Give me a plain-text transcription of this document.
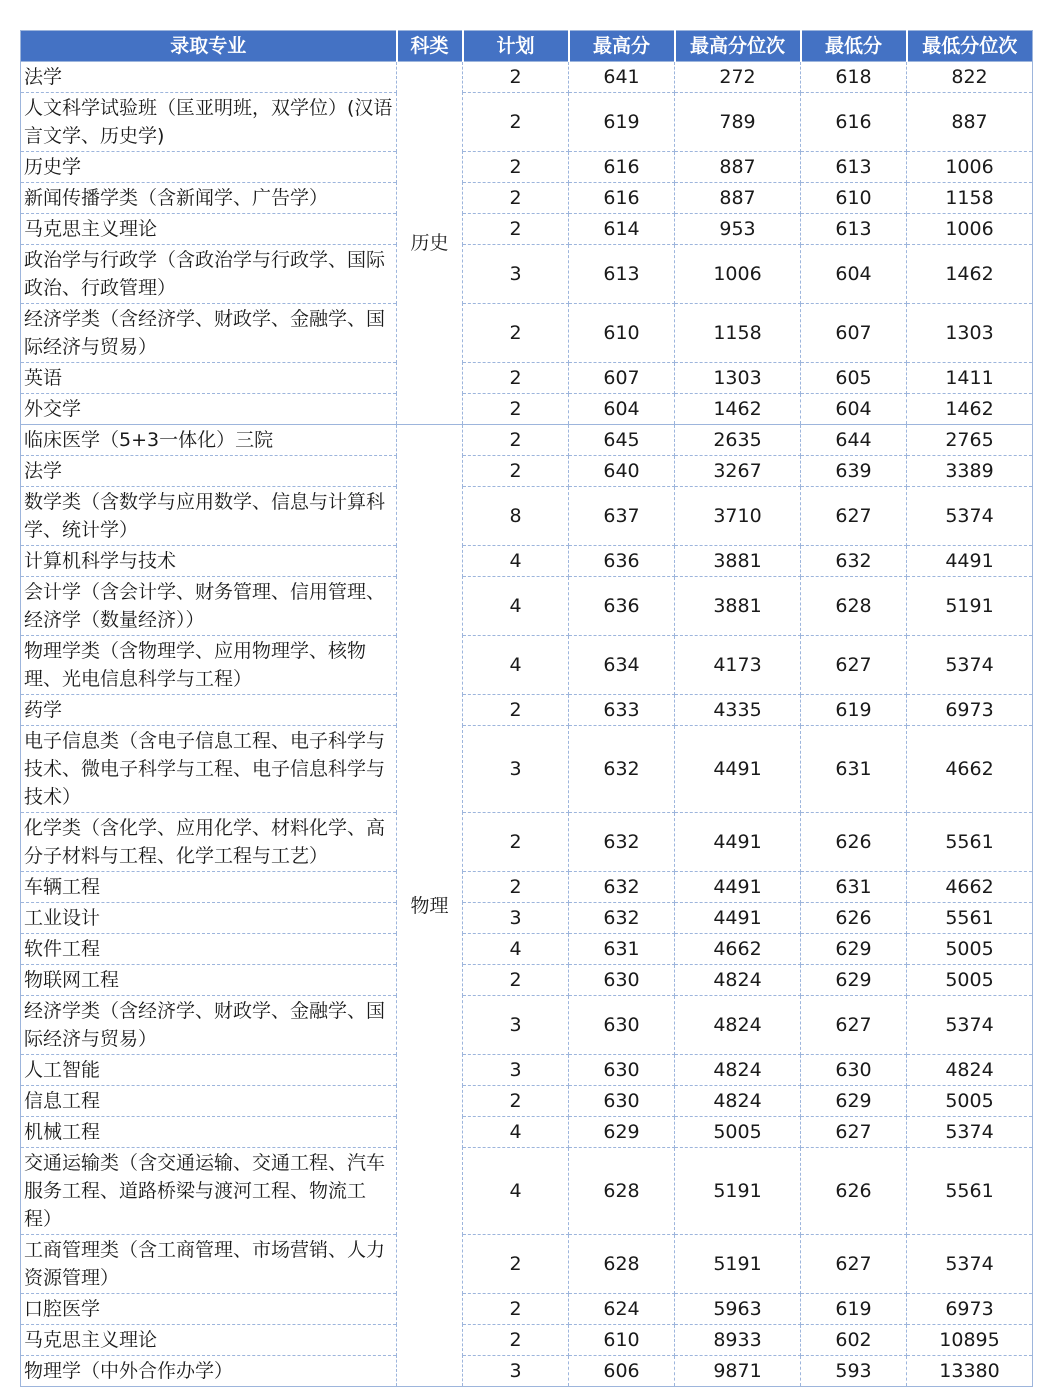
录取专业	科类	计划	最高分	最高分位次	最低分	最低分位次
法学	历史	2	641	272	618	822
人文科学试验班（匡亚明班，双学位）(汉语言文学、历史学)		2	619	789	616	887
历史学		2	616	887	613	1006
新闻传播学类（含新闻学、广告学）		2	616	887	610	1158
马克思主义理论		2	614	953	613	1006
政治学与行政学（含政治学与行政学、国际政治、行政管理）		3	613	1006	604	1462
经济学类（含经济学、财政学、金融学、国际经济与贸易）		2	610	1158	607	1303
英语		2	607	1303	605	1411
外交学		2	604	1462	604	1462
临床医学（5+3一体化）三院	物理	2	645	2635	644	2765
法学		2	640	3267	639	3389
数学类（含数学与应用数学、信息与计算科学、统计学）		8	637	3710	627	5374
计算机科学与技术		4	636	3881	632	4491
会计学（含会计学、财务管理、信用管理、经济学（数量经济））		4	636	3881	628	5191
物理学类（含物理学、应用物理学、核物理、光电信息科学与工程）		4	634	4173	627	5374
药学		2	633	4335	619	6973
电子信息类（含电子信息工程、电子科学与技术、微电子科学与工程、电子信息科学与技术）		3	632	4491	631	4662
化学类（含化学、应用化学、材料化学、高分子材料与工程、化学工程与工艺）		2	632	4491	626	5561
车辆工程		2	632	4491	631	4662
工业设计		3	632	4491	626	5561
软件工程		4	631	4662	629	5005
物联网工程		2	630	4824	629	5005
经济学类（含经济学、财政学、金融学、国际经济与贸易）		3	630	4824	627	5374
人工智能		3	630	4824	630	4824
信息工程		2	630	4824	629	5005
机械工程		4	629	5005	627	5374
交通运输类（含交通运输、交通工程、汽车服务工程、道路桥梁与渡河工程、物流工程）		4	628	5191	626	5561
工商管理类（含工商管理、市场营销、人力资源管理）		2	628	5191	627	5374
口腔医学		2	624	5963	619	6973
马克思主义理论		2	610	8933	602	10895
物理学（中外合作办学）		3	606	9871	593	13380
